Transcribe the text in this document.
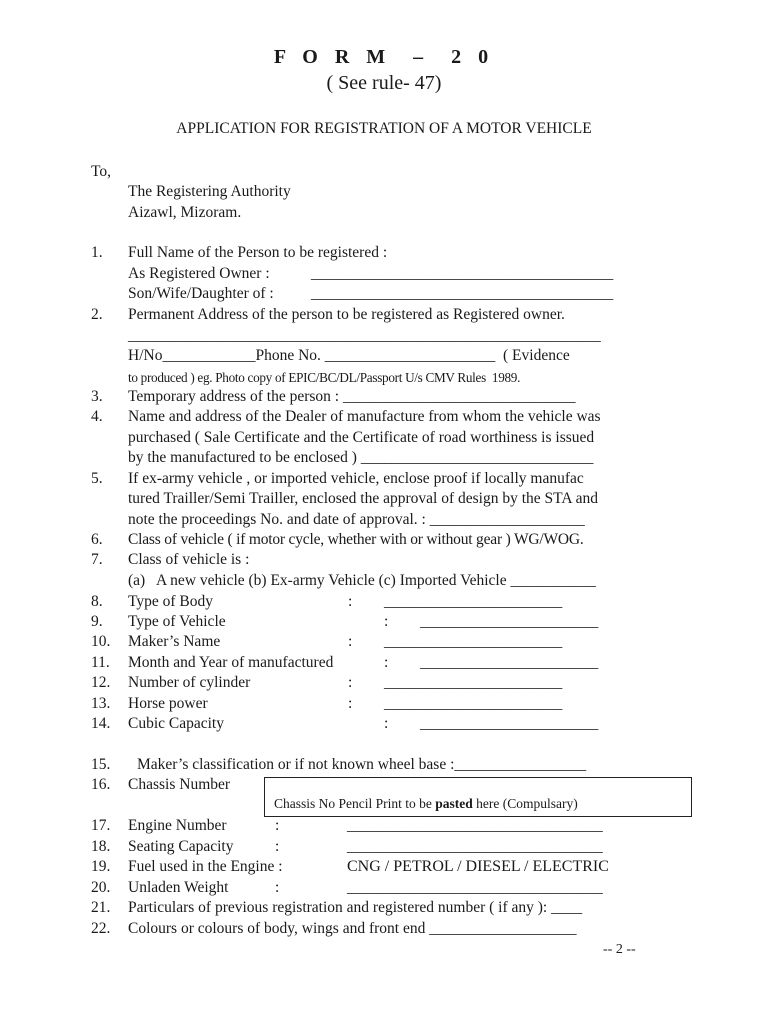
F O R M  –  2 0
( See rule- 47)
APPLICATION FOR REGISTRATION OF A MOTOR VEHICLE
To,
The Registering Authority
Aizawl, Mizoram.
1. Full Name of the Person to be registered :
As Registered Owner :	_______________________________________
Son/Wife/Daughter of : _______________________________________
2. Permanent Address of the person to be registered as Registered owner.
_____________________________________________________________
H/No____________Phone No. ______________________  ( Evidence
to produced ) eg. Photo copy of EPIC/BC/DL/Passport U/s CMV Rules  1989.
3. Temporary address of the person : ______________________________
4. Name and address of the Dealer of manufacture from whom the vehicle was
purchased ( Sale Certificate and the Certificate of road worthiness is issued
by the manufactured to be enclosed ) ______________________________
5. If ex-army vehicle , or imported vehicle, enclose proof if locally manufac
tured Trailler/Semi Trailler, enclosed the approval of design by the STA and
note the proceedings No. and date of approval. : ____________________
6. Class of vehicle ( if motor cycle, whether with or without gear ) WG/WOG.
7. Class of vehicle is :
(a)   A new vehicle (b) Ex-army Vehicle (c) Imported Vehicle ___________
8. Type of Body	: _______________________
9. Type of Vehicle	: _______________________
10. Maker’s Name	: _______________________
11. Month and Year of manufactured	: _______________________
12. Number of cylinder	: _______________________
13. Horse power	: _______________________
14. Cubic Capacity	: _______________________
15. Maker’s classification or if not known wheel base :_________________
16. Chassis Number
Chassis No Pencil Print to be pasted here (Compulsary)
17. Engine Number	:	_________________________________
18. Seating Capacity	:	_________________________________
19. Fuel used in the Engine :	CNG / PETROL / DIESEL / ELECTRIC
20. Unladen Weight	:	_________________________________
21. Particulars of previous registration and registered number ( if any ): ____
22. Colours or colours of body, wings and front end ___________________
-- 2 --
